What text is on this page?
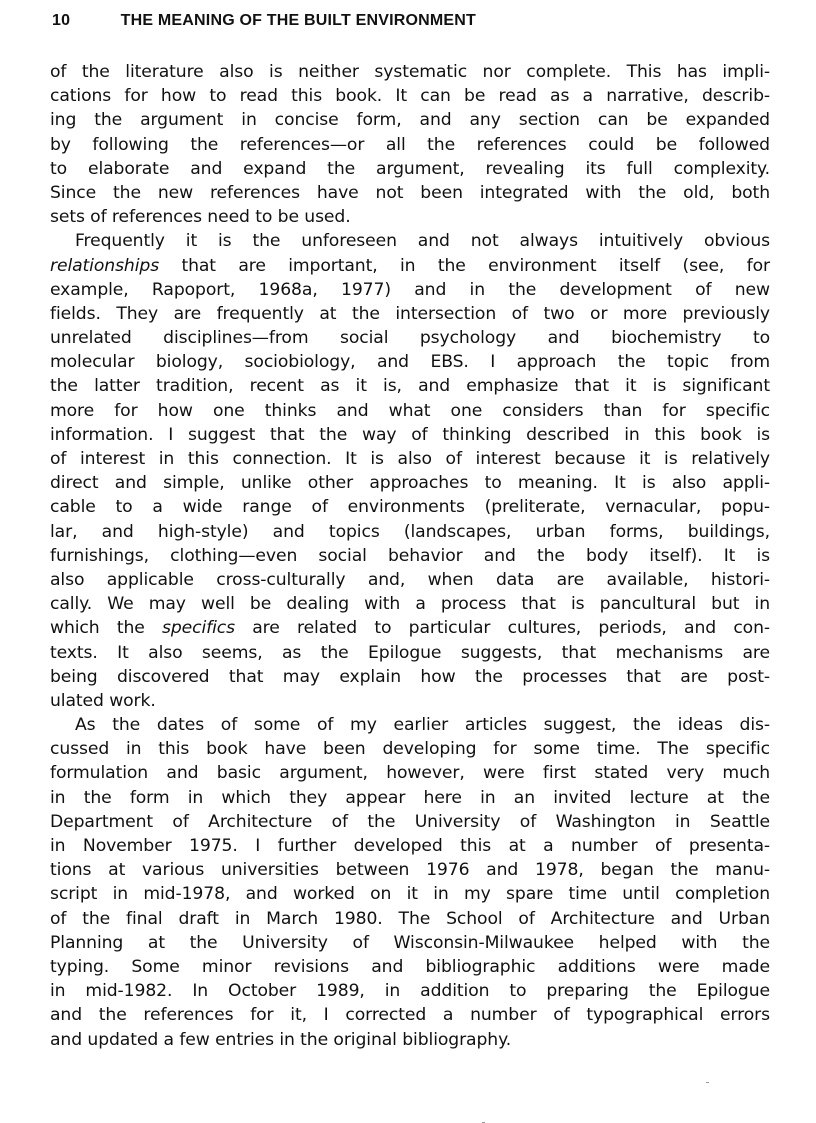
10	THE MEANING OF THE BUILT ENVIRONMENT
of the literature also is neither systematic nor complete. This has impli-
cations for how to read this book. It can be read as a narrative, describ-
ing the argument in concise form, and any section can be expanded
by following the references—or all the references could be followed
to elaborate and expand the argument, revealing its full complexity.
Since the new references have not been integrated with the old, both
sets of references need to be used.
Frequently it is the unforeseen and not always intuitively obvious
relationships that are important, in the environment itself (see, for
example, Rapoport, 1968a, 1977) and in the development of new
fields. They are frequently at the intersection of two or more previously
unrelated disciplines—from social psychology and biochemistry to
molecular biology, sociobiology, and EBS. I approach the topic from
the latter tradition, recent as it is, and emphasize that it is significant
more for how one thinks and what one considers than for specific
information. I suggest that the way of thinking described in this book is
of interest in this connection. It is also of interest because it is relatively
direct and simple, unlike other approaches to meaning. It is also appli-
cable to a wide range of environments (preliterate, vernacular, popu-
lar, and high-style) and topics (landscapes, urban forms, buildings,
furnishings, clothing—even social behavior and the body itself). It is
also applicable cross-culturally and, when data are available, histori-
cally. We may well be dealing with a process that is pancultural but in
which the specifics are related to particular cultures, periods, and con-
texts. It also seems, as the Epilogue suggests, that mechanisms are
being discovered that may explain how the processes that are post-
ulated work.
As the dates of some of my earlier articles suggest, the ideas dis-
cussed in this book have been developing for some time. The specific
formulation and basic argument, however, were first stated very much
in the form in which they appear here in an invited lecture at the
Department of Architecture of the University of Washington in Seattle
in November 1975. I further developed this at a number of presenta-
tions at various universities between 1976 and 1978, began the manu-
script in mid-1978, and worked on it in my spare time until completion
of the final draft in March 1980. The School of Architecture and Urban
Planning at the University of Wisconsin-Milwaukee helped with the
typing. Some minor revisions and bibliographic additions were made
in mid-1982. In October 1989, in addition to preparing the Epilogue
and the references for it, I corrected a number of typographical errors
and updated a few entries in the original bibliography.
